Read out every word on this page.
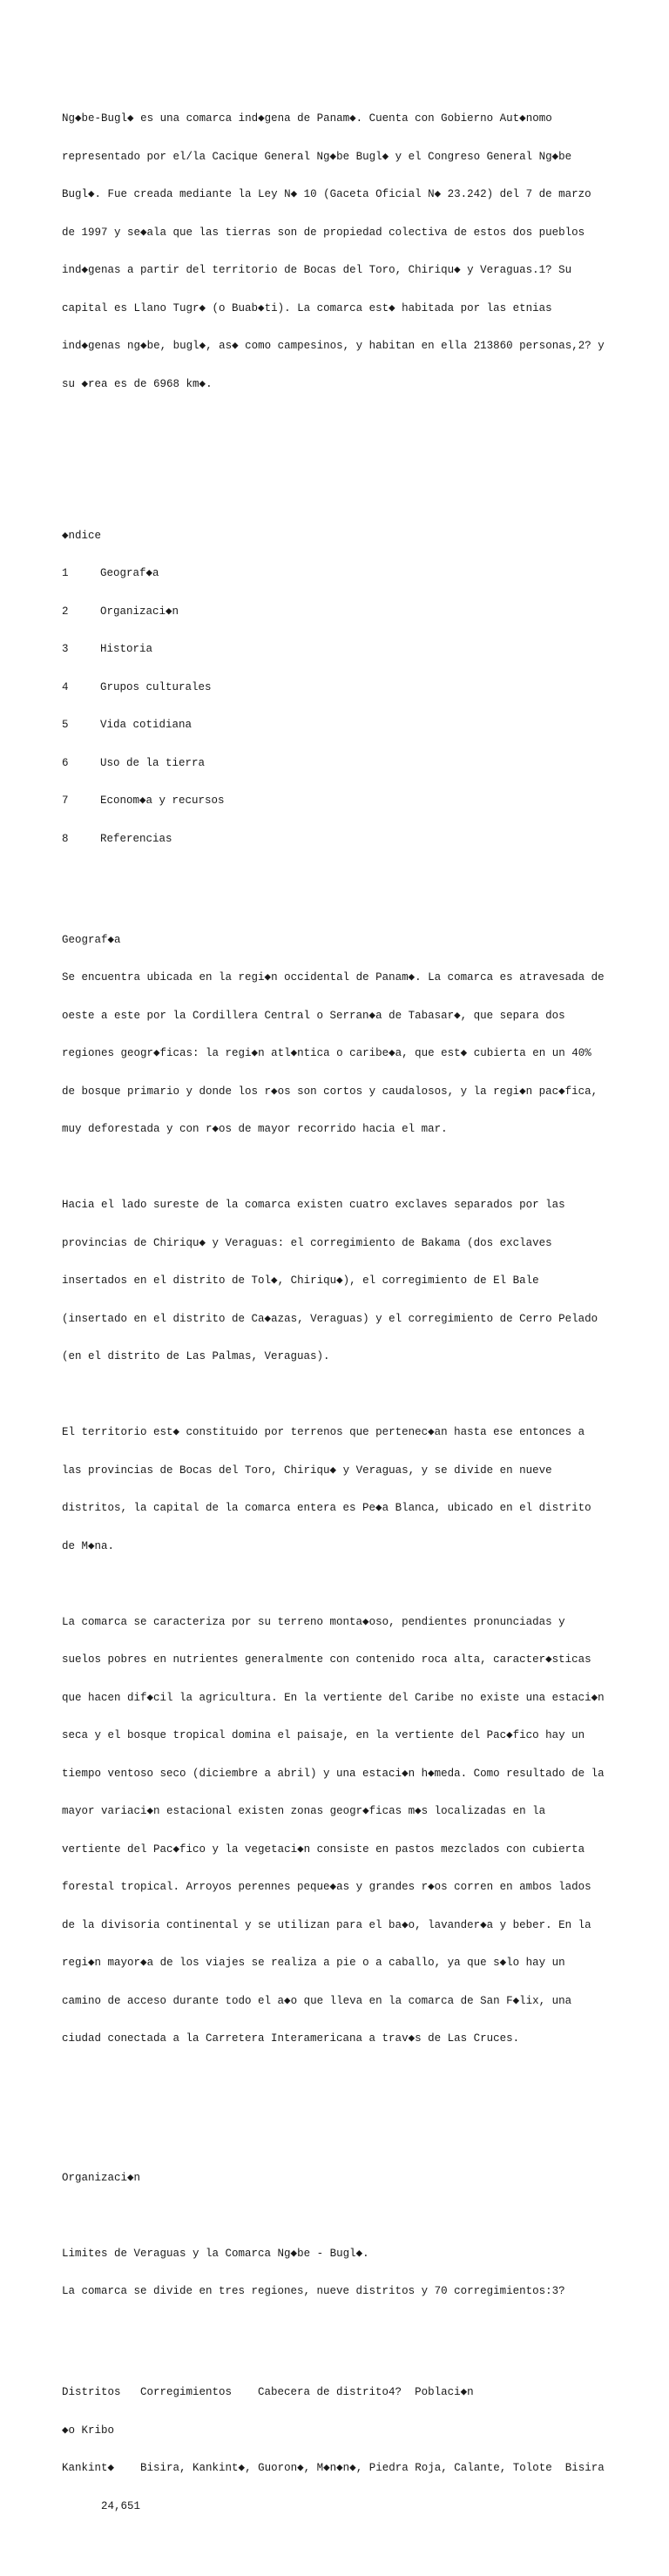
Ng◆be-Bugl◆ es una comarca ind◆gena de Panam◆. Cuenta con Gobierno Aut◆nomo

representado por el/la Cacique General Ng◆be Bugl◆ y el Congreso General Ng◆be

Bugl◆. Fue creada mediante la Ley N◆ 10 (Gaceta Oficial N◆ 23.242) del 7 de marzo

de 1997 y se◆ala que las tierras son de propiedad colectiva de estos dos pueblos

ind◆genas a partir del territorio de Bocas del Toro, Chiriqu◆ y Veraguas.1? Su

capital es Llano Tugr◆ (o Buab◆ti). La comarca est◆ habitada por las etnias

ind◆genas ng◆be, bugl◆, as◆ como campesinos, y habitan en ella 213860 personas,2? y

su ◆rea es de 6968 km◆.

◆ndice

1	Geograf◆a

2	Organizaci◆n

3	Historia

4	Grupos culturales

5	Vida cotidiana

6	Uso de la tierra

7	Econom◆a y recursos

8	Referencias

Geograf◆a

Se encuentra ubicada en la regi◆n occidental de Panam◆. La comarca es atravesada de

oeste a este por la Cordillera Central o Serran◆a de Tabasar◆, que separa dos

regiones geogr◆ficas: la regi◆n atl◆ntica o caribe◆a, que est◆ cubierta en un 40%

de bosque primario y donde los r◆os son cortos y caudalosos, y la regi◆n pac◆fica,

muy deforestada y con r◆os de mayor recorrido hacia el mar.

Hacia el lado sureste de la comarca existen cuatro exclaves separados por las

provincias de Chiriqu◆ y Veraguas: el corregimiento de Bakama (dos exclaves

insertados en el distrito de Tol◆, Chiriqu◆), el corregimiento de El Bale

(insertado en el distrito de Ca◆azas, Veraguas) y el corregimiento de Cerro Pelado

(en el distrito de Las Palmas, Veraguas).

El territorio est◆ constituido por terrenos que pertenec◆an hasta ese entonces a

las provincias de Bocas del Toro, Chiriqu◆ y Veraguas, y se divide en nueve

distritos, la capital de la comarca entera es Pe◆a Blanca, ubicado en el distrito

de M◆na.

La comarca se caracteriza por su terreno monta◆oso, pendientes pronunciadas y

suelos pobres en nutrientes generalmente con contenido roca alta, caracter◆sticas

que hacen dif◆cil la agricultura. En la vertiente del Caribe no existe una estaci◆n

seca y el bosque tropical domina el paisaje, en la vertiente del Pac◆fico hay un

tiempo ventoso seco (diciembre a abril) y una estaci◆n h◆meda. Como resultado de la

mayor variaci◆n estacional existen zonas geogr◆ficas m◆s localizadas en la

vertiente del Pac◆fico y la vegetaci◆n consiste en pastos mezclados con cubierta

forestal tropical. Arroyos perennes peque◆as y grandes r◆os corren en ambos lados

de la divisoria continental y se utilizan para el ba◆o, lavander◆a y beber. En la

regi◆n mayor◆a de los viajes se realiza a pie o a caballo, ya que s◆lo hay un

camino de acceso durante todo el a◆o que lleva en la comarca de San F◆lix, una

ciudad conectada a la Carretera Interamericana a trav◆s de Las Cruces.

Organizaci◆n

Limites de Veraguas y la Comarca Ng◆be - Bugl◆.

La comarca se divide en tres regiones, nueve distritos y 70 corregimientos:3?

Distritos   Corregimientos    Cabecera de distrito4?  Poblaci◆n

◆o Kribo

Kankint◆    Bisira, Kankint◆, Guoron◆, M◆n◆n◆, Piedra Roja, Calante, Tolote  Bisira

24,651
